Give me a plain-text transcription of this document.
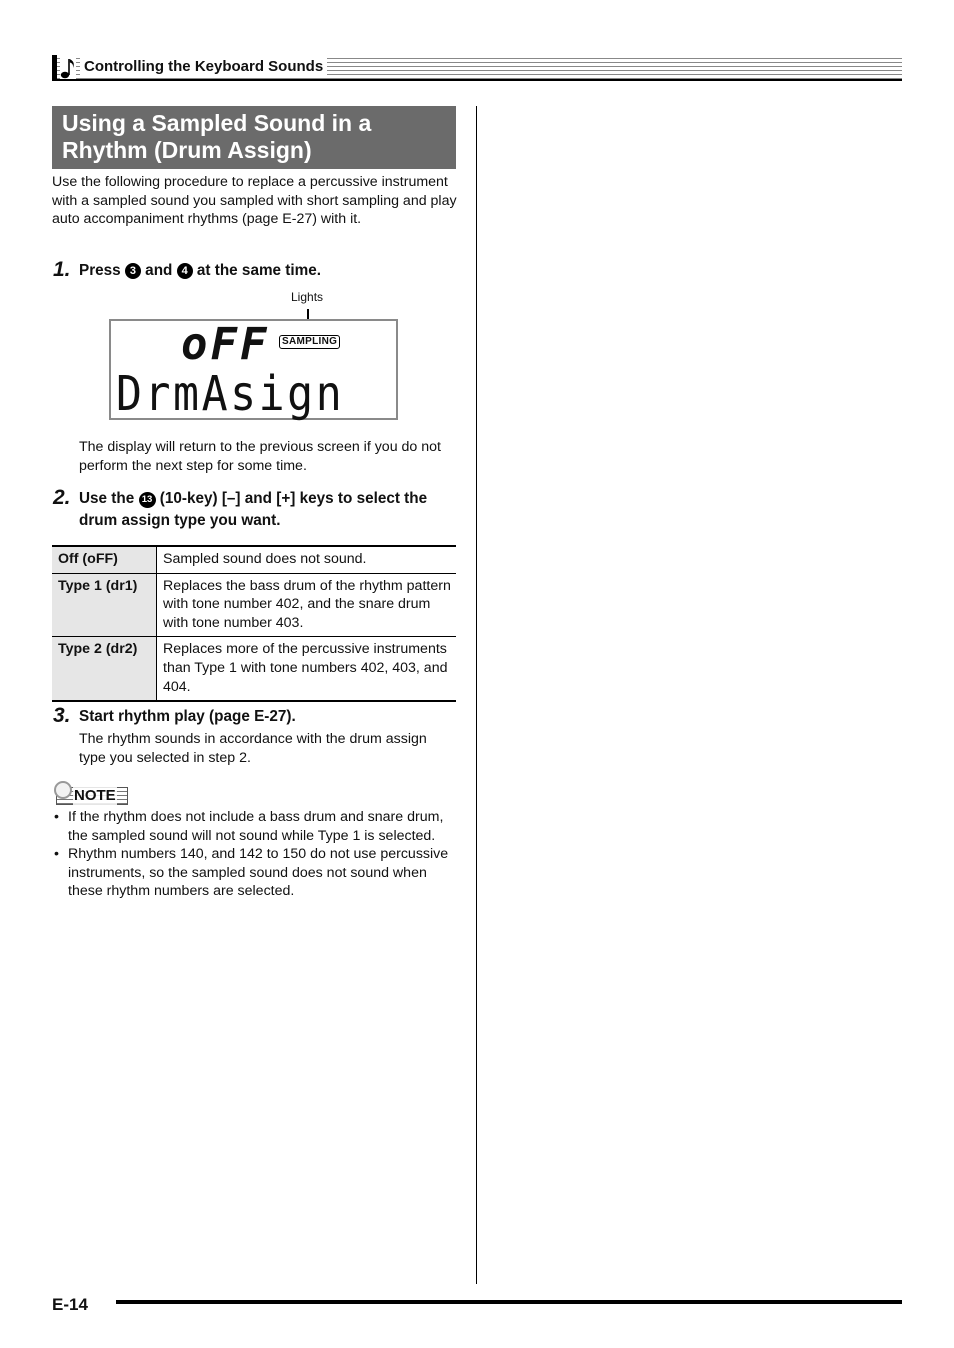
Controlling the Keyboard Sounds
Using a Sampled Sound in a Rhythm (Drum Assign)

Use the following procedure to replace a percussive instrument with a sampled sound you sampled with short sampling and play auto accompaniment rhythms (page E-27) with it.

1. Press 3 and 4 at the same time.

Lights
oFF	SAMPLING
DrmAsign

The display will return to the previous screen if you do not perform the next step for some time.

2. Use the 13 (10-key) [–] and [+] keys to select the drum assign type you want.

Off (oFF)	Sampled sound does not sound.
Type 1 (dr1)	Replaces the bass drum of the rhythm pattern with tone number 402, and the snare drum with tone number 403.
Type 2 (dr2)	Replaces more of the percussive instruments than Type 1 with tone numbers 402, 403, and 404.
3. Start rhythm play (page E-27).

The rhythm sounds in accordance with the drum assign type you selected in step 2.

NOTE
• If the rhythm does not include a bass drum and snare drum, the sampled sound will not sound while Type 1 is selected.
• Rhythm numbers 140, and 142 to 150 do not use percussive instruments, so the sampled sound does not sound when these rhythm numbers are selected.
E-14
